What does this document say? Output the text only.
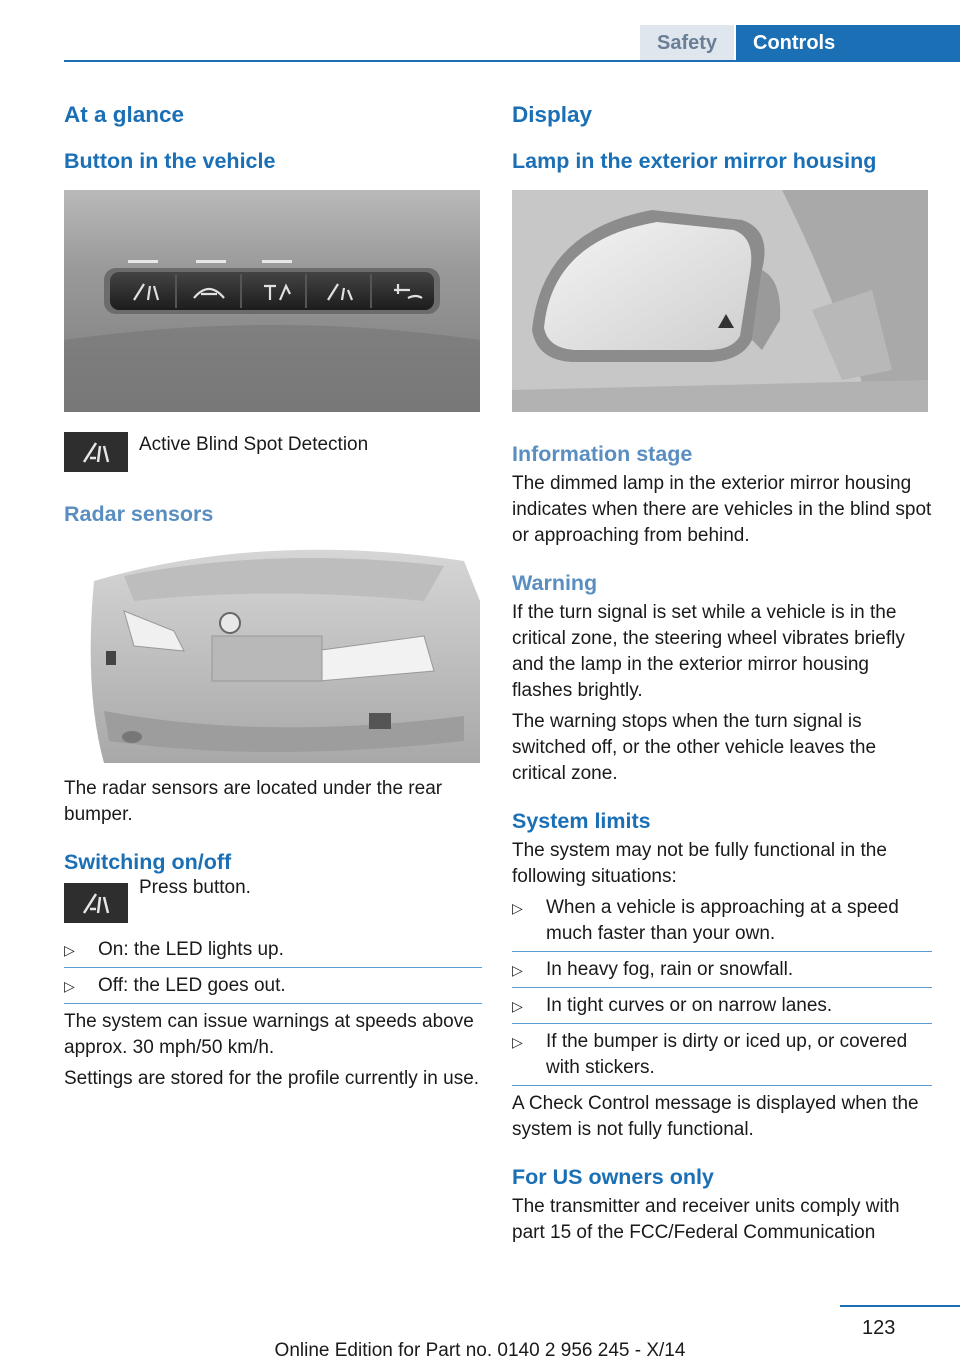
Safety	Controls
At a glance
Button in the vehicle
Active Blind Spot Detection
Radar sensors

The radar sensors are located under the rear bumper.

Switching on/off
Press button.
▷ On: the LED lights up.
▷ Off: the LED goes out.

The system can issue warnings at speeds above approx. 30 mph/50 km/h.

Settings are stored for the profile currently in use.

Display
Lamp in the exterior mirror housing
Information stage

The dimmed lamp in the exterior mirror housing indicates when there are vehicles in the blind spot or approaching from behind.

Warning

If the turn signal is set while a vehicle is in the critical zone, the steering wheel vibrates briefly and the lamp in the exterior mirror housing flashes brightly.

The warning stops when the turn signal is switched off, or the other vehicle leaves the critical zone.

System limits

The system may not be fully functional in the following situations:

▷ When a vehicle is approaching at a speed much faster than your own.
▷ In heavy fog, rain or snowfall.
▷ In tight curves or on narrow lanes.
▷ If the bumper is dirty or iced up, or covered with stickers.

A Check Control message is displayed when the system is not fully functional.

For US owners only

The transmitter and receiver units comply with part 15 of the FCC/Federal Communication

123
Online Edition for Part no. 0140 2 956 245 - X/14
